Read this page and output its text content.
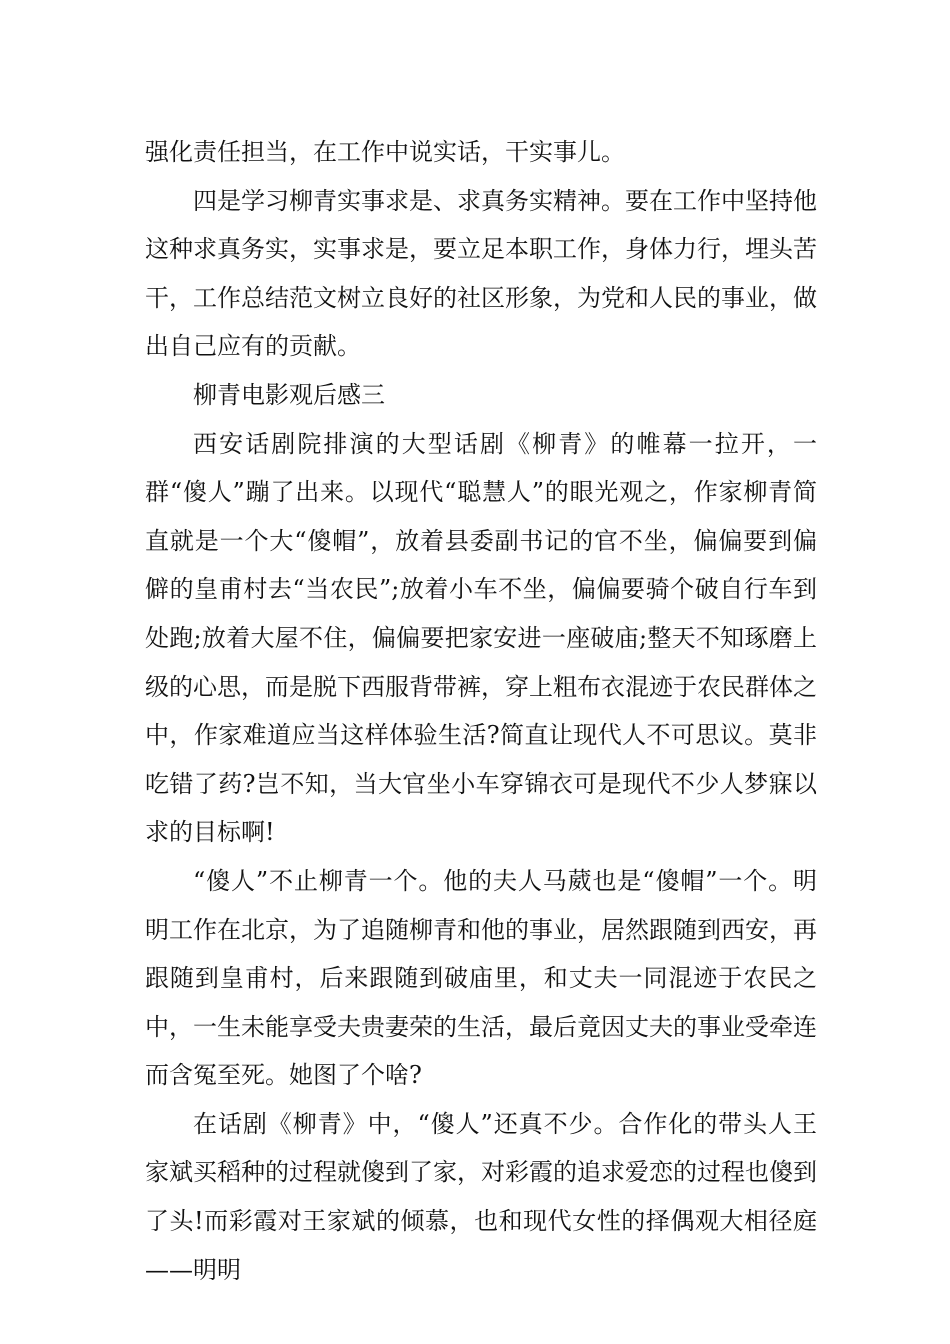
强化责任担当，在工作中说实话，干实事儿。

四是学习柳青实事求是、求真务实精神。要在工作中坚持他这种求真务实，实事求是，要立足本职工作，身体力行，埋头苦干，工作总结范文树立良好的社区形象，为党和人民的事业，做出自己应有的贡献。

柳青电影观后感三

西安话剧院排演的大型话剧《柳青》的帷幕一拉开，一群“傻人”蹦了出来。以现代“聪慧人”的眼光观之，作家柳青简直就是一个大“傻帽”，放着县委副书记的官不坐，偏偏要到偏僻的皇甫村去“当农民”;放着小车不坐，偏偏要骑个破自行车到处跑;放着大屋不住，偏偏要把家安进一座破庙;整天不知琢磨上级的心思，而是脱下西服背带裤，穿上粗布衣混迹于农民群体之中，作家难道应当这样体验生活?简直让现代人不可思议。莫非吃错了药?岂不知，当大官坐小车穿锦衣可是现代不少人梦寐以求的目标啊!

“傻人”不止柳青一个。他的夫人马葳也是“傻帽”一个。明明工作在北京，为了追随柳青和他的事业，居然跟随到西安，再跟随到皇甫村，后来跟随到破庙里，和丈夫一同混迹于农民之中，一生未能享受夫贵妻荣的生活，最后竟因丈夫的事业受牵连而含冤至死。她图了个啥?

在话剧《柳青》中，“傻人”还真不少。合作化的带头人王家斌买稻种的过程就傻到了家，对彩霞的追求爱恋的过程也傻到了头!而彩霞对王家斌的倾慕，也和现代女性的择偶观大相径庭——明明
